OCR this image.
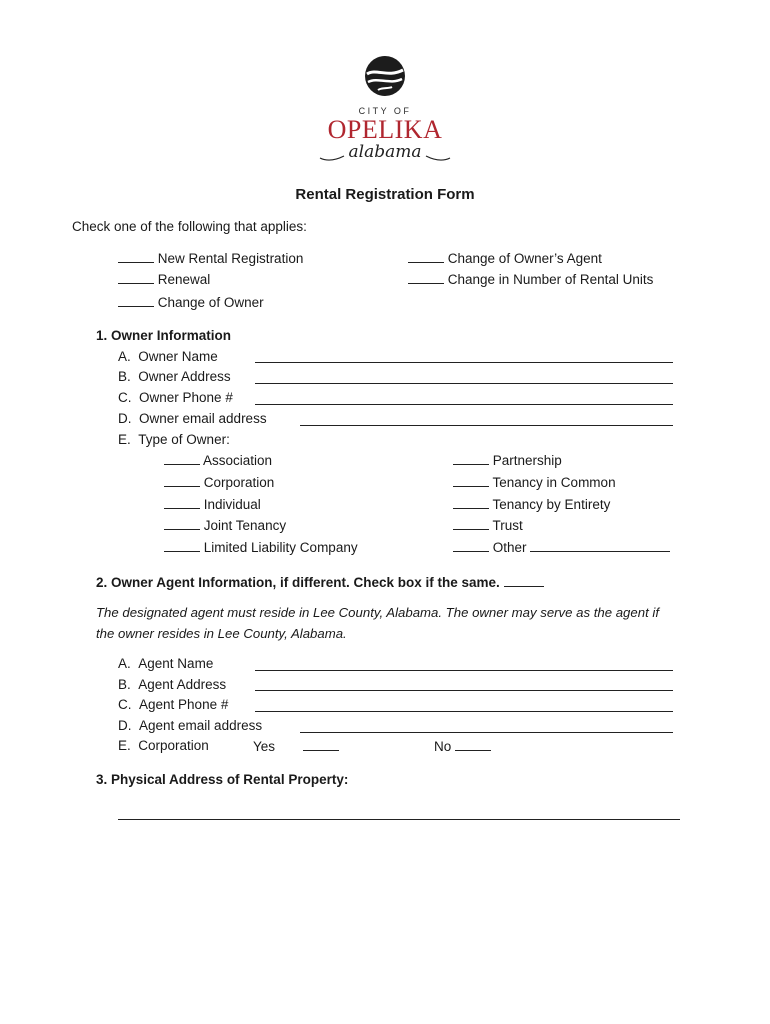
CITY OF
OPELIKA
alabama
Rental Registration Form
Check one of the following that applies:
New Rental Registration
Renewal
Change of Owner
Change of Owner’s Agent
Change in Number of Rental Units
1. Owner Information
A. Owner Name
B. Owner Address
C. Owner Phone #
D. Owner email address
E. Type of Owner:
Association
Corporation
Individual
Joint Tenancy
Limited Liability Company
Partnership
Tenancy in Common
Tenancy by Entirety
Trust
Other
2. Owner Agent Information, if different. Check box if the same.
The designated agent must reside in Lee County, Alabama. The owner may serve as the agent if
the owner resides in Lee County, Alabama.
A. Agent Name
B. Agent Address
C. Agent Phone #
D. Agent email address
E. Corporation	Yes	No
3. Physical Address of Rental Property:
